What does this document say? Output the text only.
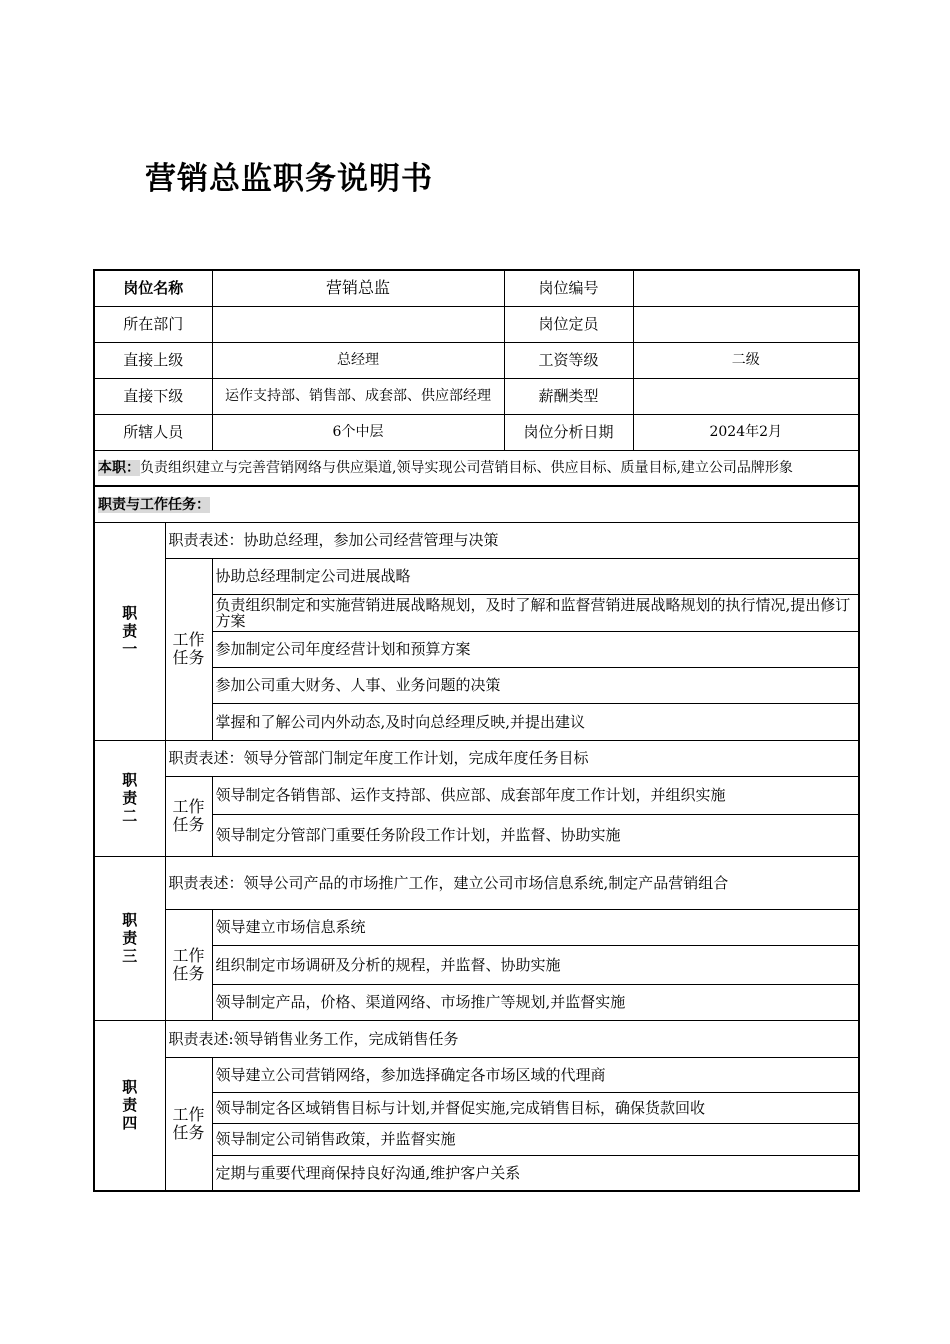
营销总监职务说明书
岗位名称		营销总监	岗位编号	
所在部门			岗位定员	
直接上级		总经理	工资等级	二级
直接下级		运作支持部、销售部、成套部、供应部经理	薪酬类型	
所辖人员		6个中层	岗位分析日期	2024年2月
本职：负责组织建立与完善营销网络与供应渠道,领导实现公司营销目标、供应目标、质量目标,建立公司品牌形象				
职责与工作任务：				

职
责
一	职责表述：协助总经理，参加公司经营管理与决策			

	工作
任务	协助总经理制定公司进展战略		
		负责组织制定和实施营销进展战略规划，及时了解和监督营销进展战略规划的执行情况,提出修订方案		
		参加制定公司年度经营计划和预算方案		
		参加公司重大财务、人事、业务问题的决策		
		掌握和了解公司内外动态,及时向总经理反映,并提出建议		

职
责
二	职责表述：领导分管部门制定年度工作计划，完成年度任务目标			

	工作
任务	领导制定各销售部、运作支持部、供应部、成套部年度工作计划，并组织实施		
		领导制定分管部门重要任务阶段工作计划，并监督、协助实施		

职
责
三	职责表述：领导公司产品的市场推广工作，建立公司市场信息系统,制定产品营销组合			

	工作
任务	领导建立市场信息系统		
		组织制定市场调研及分析的规程，并监督、协助实施		
		领导制定产品，价格、渠道网络、市场推广等规划,并监督实施		

职
责
四	职责表述:领导销售业务工作，完成销售任务			

	工作
任务	领导建立公司营销网络，参加选择确定各市场区域的代理商		
		领导制定各区域销售目标与计划,并督促实施,完成销售目标，确保货款回收		
		领导制定公司销售政策，并监督实施		
		定期与重要代理商保持良好沟通,维护客户关系		
